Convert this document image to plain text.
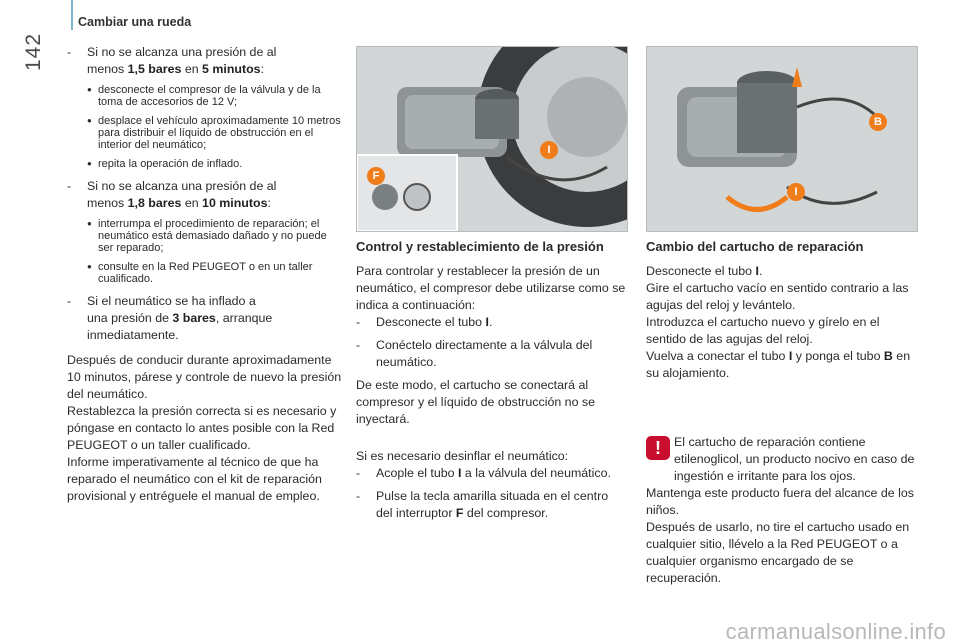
142
Cambiar una rueda
- Si no se alcanza una presión de al
menos 1,5 bares en 5 minutos:
● desconecte el compresor de la válvula y de la toma de accesorios de 12 V;
● desplace el vehículo aproximadamente 10 metros para distribuir el líquido de obstrucción en el interior del neumático;
● repita la operación de inflado.
- Si no se alcanza una presión de al
menos 1,8 bares en 10 minutos:
● interrumpa el procedimiento de reparación; el neumático está demasiado dañado y no puede ser reparado;
● consulte en la Red PEUGEOT o en un taller cualificado.
- Si el neumático se ha inflado a
una presión de 3 bares, arranque
inmediatamente.

Después de conducir durante aproximadamente 10 minutos, párese y controle de nuevo la presión del neumático.

Restablezca la presión correcta si es necesario y póngase en contacto lo antes posible con la Red PEUGEOT o un taller cualificado.

Informe imperativamente al técnico de que ha reparado el neumático con el kit de reparación provisional y entréguele el manual de empleo.

I
F
B
I
Control y restablecimiento de la presión

Para controlar y restablecer la presión de un neumático, el compresor debe utilizarse como se indica a continuación:

- Desconecte el tubo I.
- Conéctelo directamente a la válvula del neumático.

De este modo, el cartucho se conectará al compresor y el líquido de obstrucción no se inyectará.

Si es necesario desinflar el neumático:

- Acople el tubo I a la válvula del neumático.
- Pulse la tecla amarilla situada en el centro del interruptor F del compresor.
Cambio del cartucho de reparación

Desconecte el tubo I.

Gire el cartucho vacío en sentido contrario a las agujas del reloj y levántelo.

Introduzca el cartucho nuevo y gírelo en el sentido de las agujas del reloj.

Vuelva a conectar el tubo I y ponga el tubo B en su alojamiento.

!	El cartucho de reparación contiene etilenoglicol, un producto nocivo en caso de ingestión e irritante para los ojos.

Mantenga este producto fuera del alcance de los niños.

Después de usarlo, no tire el cartucho usado en cualquier sitio, llévelo a la Red PEUGEOT o a cualquier organismo encargado de se recuperación.

carmanualsonline.info
